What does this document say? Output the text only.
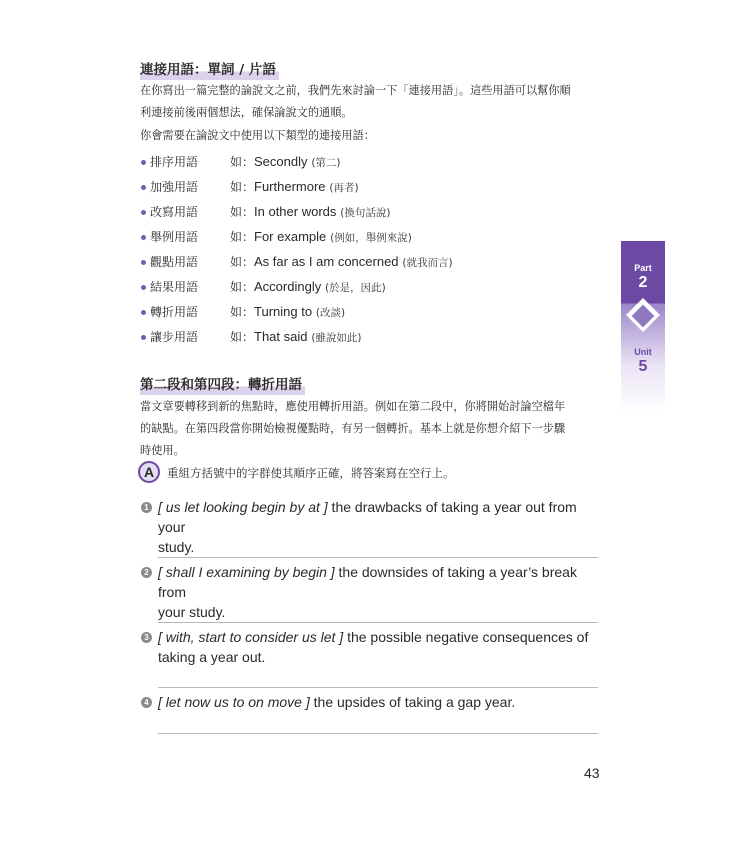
連接用語：單詞 / 片語
在你寫出一篇完整的論說文之前，我們先來討論一下「連接用語」。這些用語可以幫你順
利連接前後兩個想法，確保論說文的通順。
你會需要在論說文中使用以下類型的連接用語：
排序用語	如：Secondly (第二)
加強用語	如：Furthermore (再者)
改寫用語	如：In other words (換句話說)
舉例用語	如：For example (例如，舉例來說)
觀點用語	如：As far as I am concerned (就我而言)
結果用語	如：Accordingly (於是，因此)
轉折用語	如：Turning to (改談)
讓步用語	如：That said (雖說如此)
第二段和第四段：轉折用語
當文章要轉移到新的焦點時，應使用轉折用語。例如在第二段中，你將開始討論空檔年
的缺點。在第四段當你開始檢視優點時，有另一個轉折。基本上就是你想介紹下一步驟
時使用。
A	重組方括號中的字群使其順序正確，將答案寫在空行上。
1 [ us let looking begin by at ] the drawbacks of taking a year out from your
study.
2 [ shall I examining by begin ] the downsides of taking a year’s break from
your study.
3 [ with, start to consider us let ] the possible negative consequences of
taking a year out.
4 [ let now us to on move ] the upsides of taking a gap year.
Part
2
Unit
5
43
